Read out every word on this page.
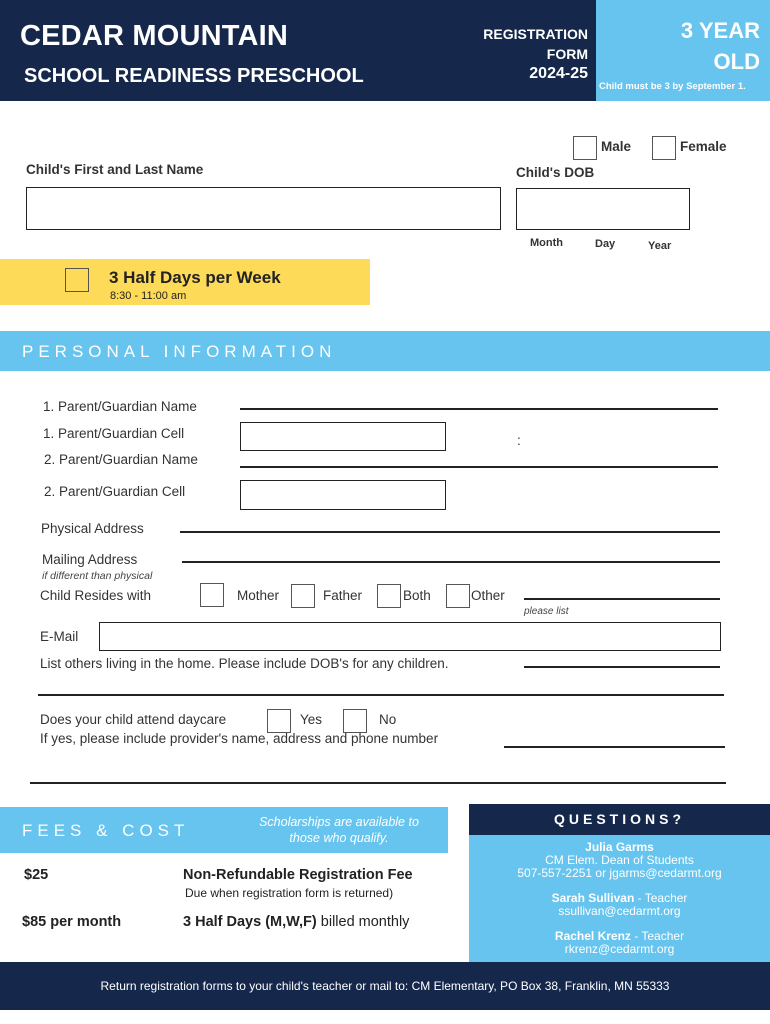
CEDAR MOUNTAIN
SCHOOL READINESS PRESCHOOL
REGISTRATION
FORM
2024-25
3 YEAR
OLD
Child must be 3 by September 1.
Male	Female
Child's First and Last Name	Child's DOB
Month	Day	Year
3 Half Days per Week
8:30 - 11:00 am
PERSONAL INFORMATION
1. Parent/Guardian Name
1. Parent/Guardian Cell	:
2. Parent/Guardian Name
2. Parent/Guardian Cell
Physical Address
Mailing Address
if different than physical
Child Resides with	Mother	Father	Both	Other
please list
E-Mail
List others living in the home. Please include DOB's for any children.
Does your child attend daycare	Yes	No
If yes, please include provider's name, address and phone number
FEES & COST	Scholarships are available to
those who qualify.
$25	Non-Refundable Registration Fee
Due when registration form is returned)
$85 per month	3 Half Days (M,W,F) billed monthly
QUESTIONS?
Julia Garms
CM Elem. Dean of Students
507-557-2251 or jgarms@cedarmt.org
Sarah Sullivan - Teacher
ssullivan@cedarmt.org
Rachel Krenz - Teacher
rkrenz@cedarmt.org
Return registration forms to your child's teacher or mail to: CM Elementary, PO Box 38, Franklin, MN 55333
